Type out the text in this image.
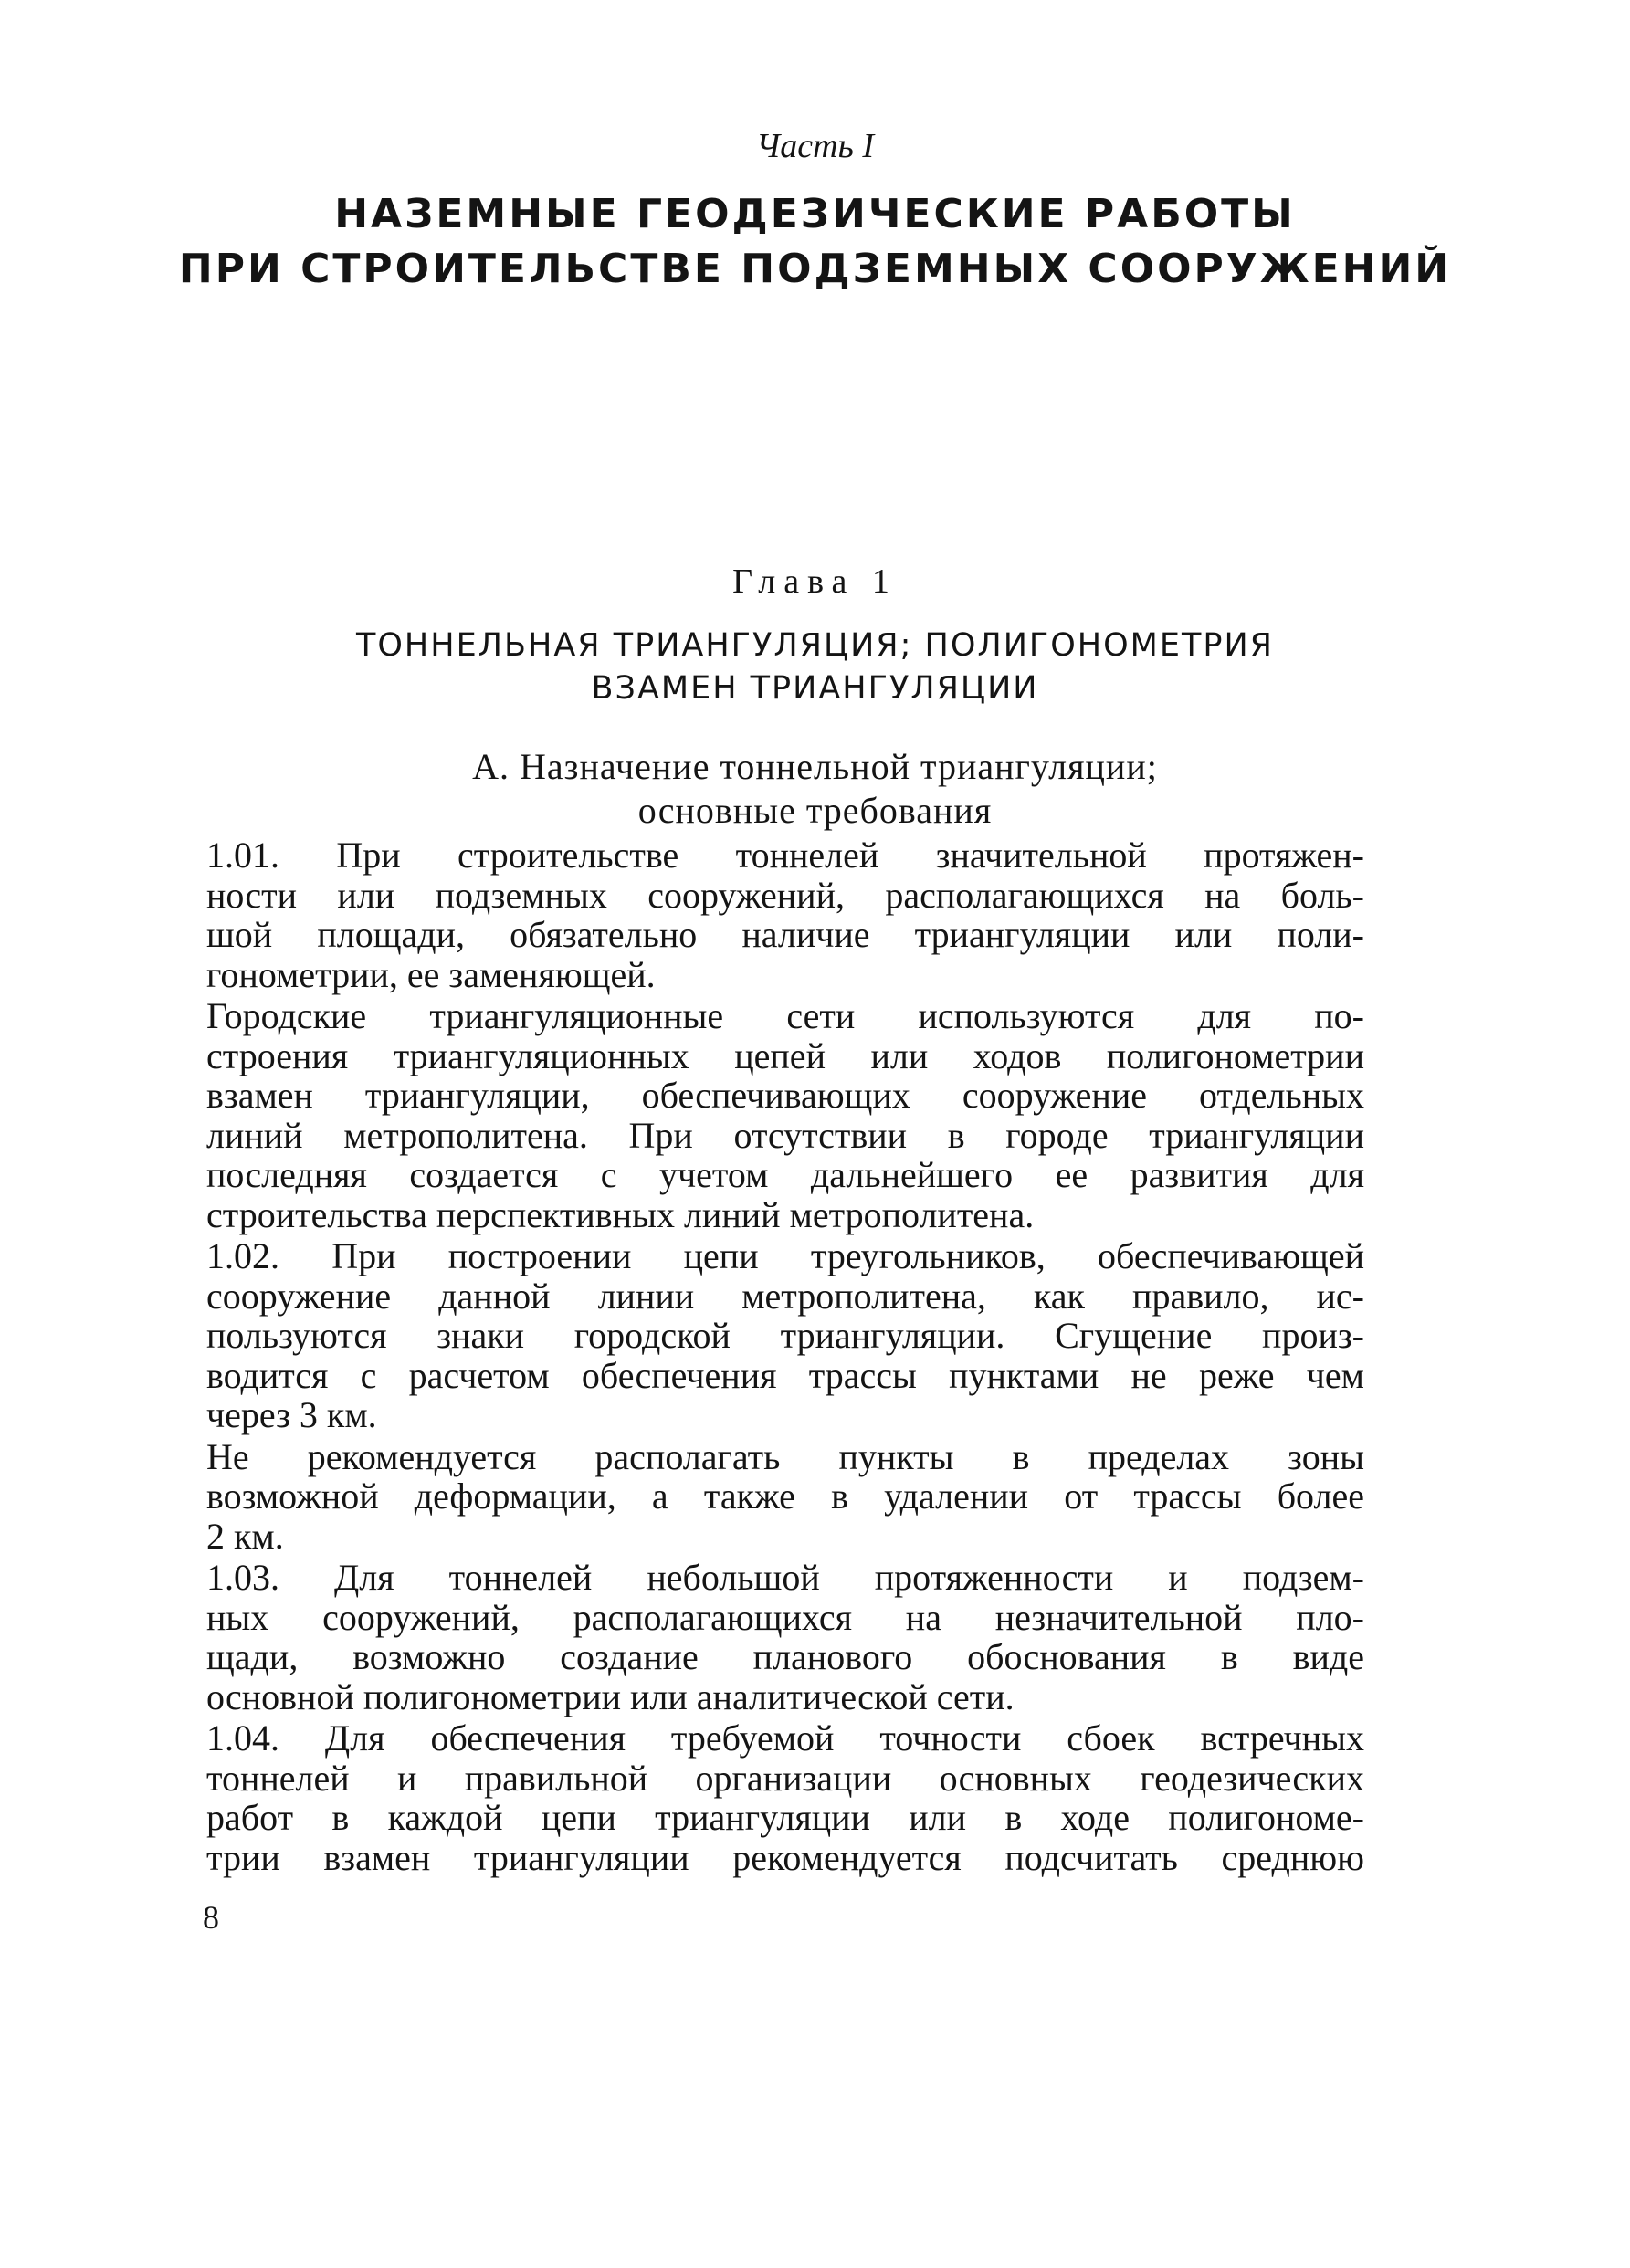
Часть I
НАЗЕМНЫЕ ГЕОДЕЗИЧЕСКИЕ РАБОТЫ
ПРИ СТРОИТЕЛЬСТВЕ ПОДЗЕМНЫХ СООРУЖЕНИЙ
Глава 1
ТОННЕЛЬНАЯ ТРИАНГУЛЯЦИЯ; ПОЛИГОНОМЕТРИЯ
ВЗАМЕН ТРИАНГУЛЯЦИИ
А. Назначение тоннельной триангуляции;
основные требования
1.01. При строительстве тоннелей значительной протяжен-
ности или подземных сооружений, располагающихся на боль-
шой площади, обязательно наличие триангуляции или поли-
гонометрии, ее заменяющей.
Городские триангуляционные сети используются для по-
строения триангуляционных цепей или ходов полигонометрии
взамен триангуляции, обеспечивающих сооружение отдельных
линий метрополитена. При отсутствии в городе триангуляции
последняя создается с учетом дальнейшего ее развития для
строительства перспективных линий метрополитена.
1.02. При построении цепи треугольников, обеспечивающей
сооружение данной линии метрополитена, как правило, ис-
пользуются знаки городской триангуляции. Сгущение произ-
водится с расчетом обеспечения трассы пунктами не реже чем
через 3 км.
Не рекомендуется располагать пункты в пределах зоны
возможной деформации, а также в удалении от трассы более
2 км.
1.03. Для тоннелей небольшой протяженности и подзем-
ных сооружений, располагающихся на незначительной пло-
щади, возможно создание планового обоснования в виде
основной полигонометрии или аналитической сети.
1.04. Для обеспечения требуемой точности сбоек встречных
тоннелей и правильной организации основных геодезических
работ в каждой цепи триангуляции или в ходе полигономе-
трии взамен триангуляции рекомендуется подсчитать среднюю
8
